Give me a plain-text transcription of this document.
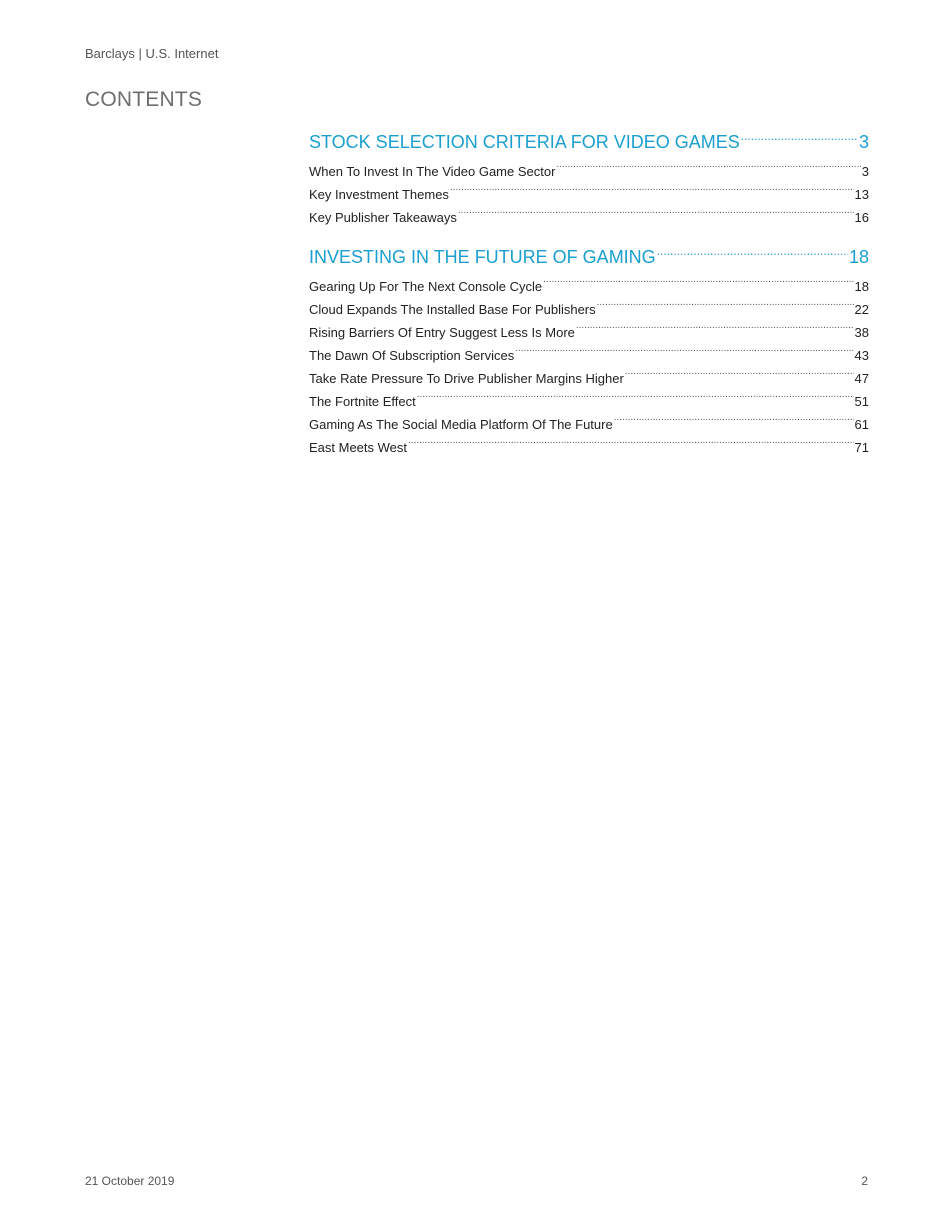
Barclays | U.S. Internet
CONTENTS
STOCK SELECTION CRITERIA FOR VIDEO GAMES .....	3
When To Invest In The Video Game Sector .....	3
Key Investment Themes .....	13
Key Publisher Takeaways .....	16
INVESTING IN THE FUTURE OF GAMING .....	18
Gearing Up For The Next Console Cycle .....	18
Cloud Expands The Installed Base For Publishers .....	22
Rising Barriers Of Entry Suggest Less Is More .....	38
The Dawn Of Subscription Services .....	43
Take Rate Pressure To Drive Publisher Margins Higher .....	47
The Fortnite Effect .....	51
Gaming As The Social Media Platform Of The Future .....	61
East Meets West .....	71
21 October 2019	2
